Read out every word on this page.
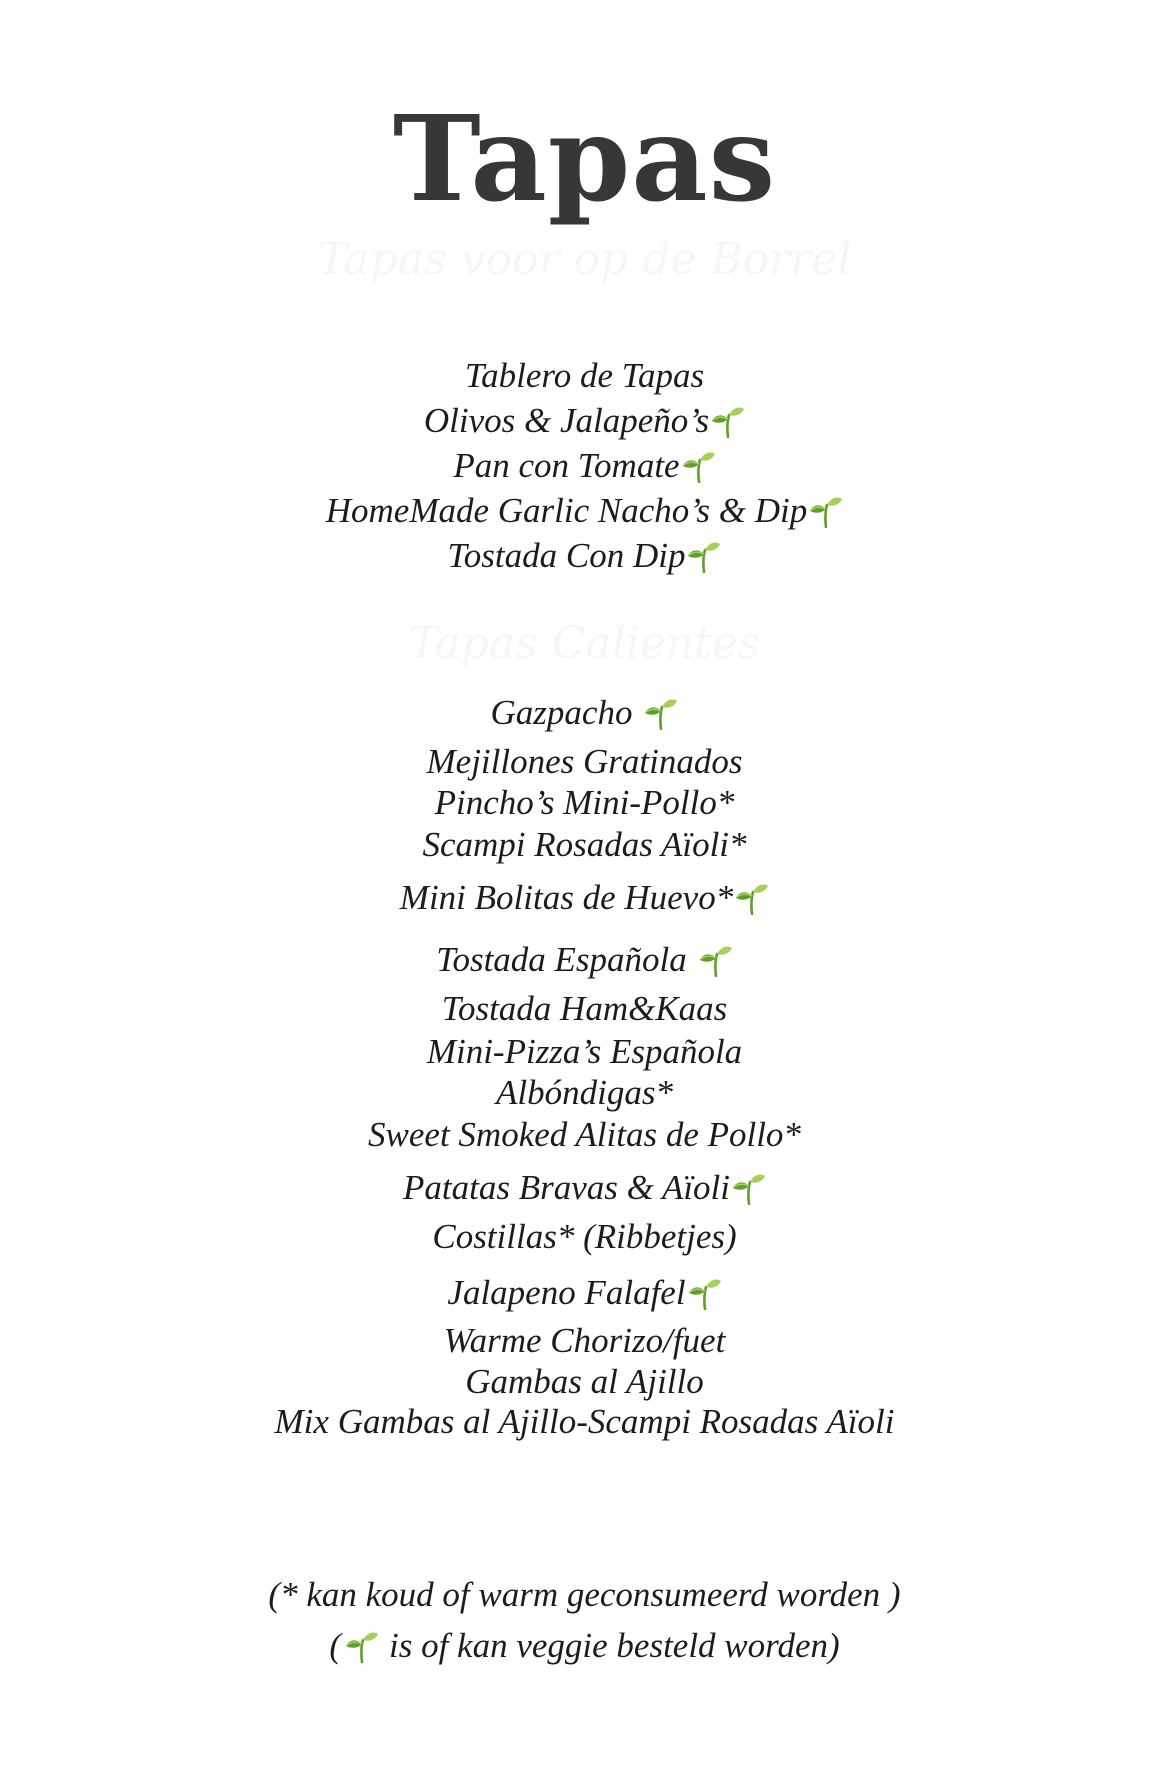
Tapas
Tapas voor op de Borrel
Tablero de Tapas
Olivos & Jalapeño’s
Pan con Tomate
HomeMade Garlic Nacho’s & Dip
Tostada Con Dip
Tapas Calientes
Gazpacho
Mejillones Gratinados
Pincho’s Mini-Pollo*
Scampi Rosadas Aïoli*
Mini Bolitas de Huevo*
Tostada Española
Tostada Ham&Kaas
Mini-Pizza’s Española
Albóndigas*
Sweet Smoked Alitas de Pollo*
Patatas Bravas & Aïoli
Costillas* (Ribbetjes)
Jalapeno Falafel
Warme Chorizo/fuet
Gambas al Ajillo
Mix Gambas al Ajillo-Scampi Rosadas Aïoli
(* kan koud of warm geconsumeerd worden )
( is of kan veggie besteld worden)
